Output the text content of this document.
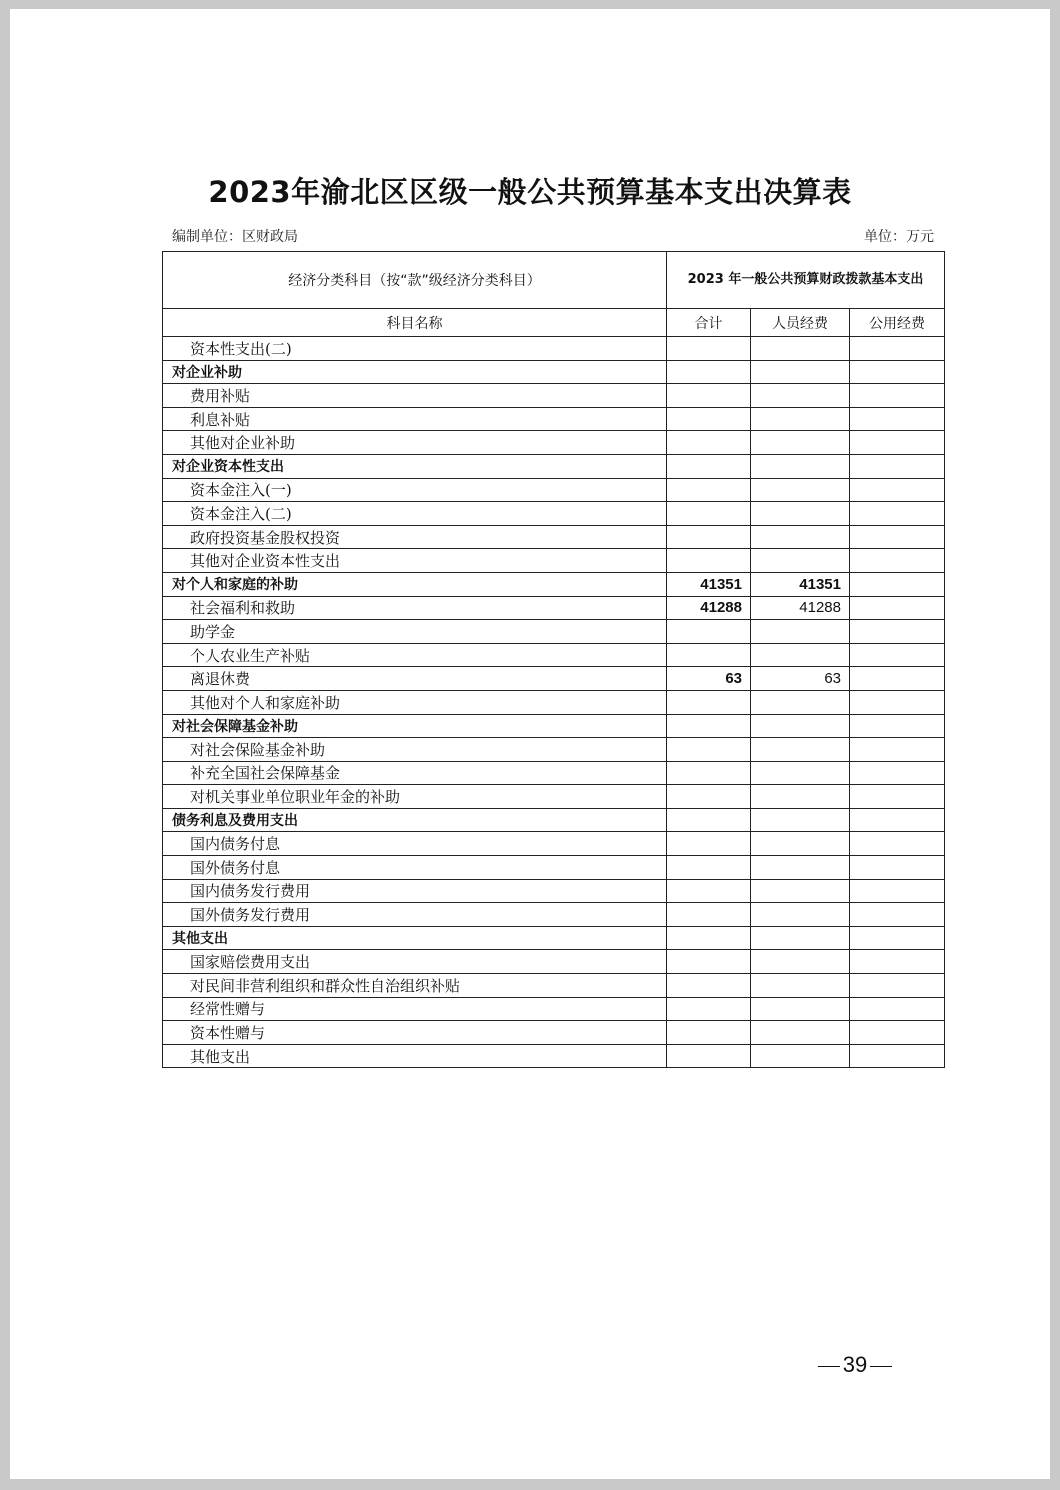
2023年渝北区区级一般公共预算基本支出决算表
编制单位：区财政局	单位：万元
经济分类科目（按“款”级经济分类科目）	2023 年一般公共预算财政拨款基本支出		
科目名称	合计	人员经费	公用经费
资本性支出(二)			
对企业补助			
费用补贴			
利息补贴			
其他对企业补助			
对企业资本性支出			
资本金注入(一)			
资本金注入(二)			
政府投资基金股权投资			
其他对企业资本性支出			
对个人和家庭的补助	41351	41351	
社会福利和救助	41288	41288	
助学金			
个人农业生产补贴			
离退休费	63	63	
其他对个人和家庭补助			
对社会保障基金补助			
对社会保险基金补助			
补充全国社会保障基金			
对机关事业单位职业年金的补助			
债务利息及费用支出			
国内债务付息			
国外债务付息			
国内债务发行费用			
国外债务发行费用			
其他支出			
国家赔偿费用支出			
对民间非营利组织和群众性自治组织补贴			
经常性赠与			
资本性赠与			
其他支出			
39
